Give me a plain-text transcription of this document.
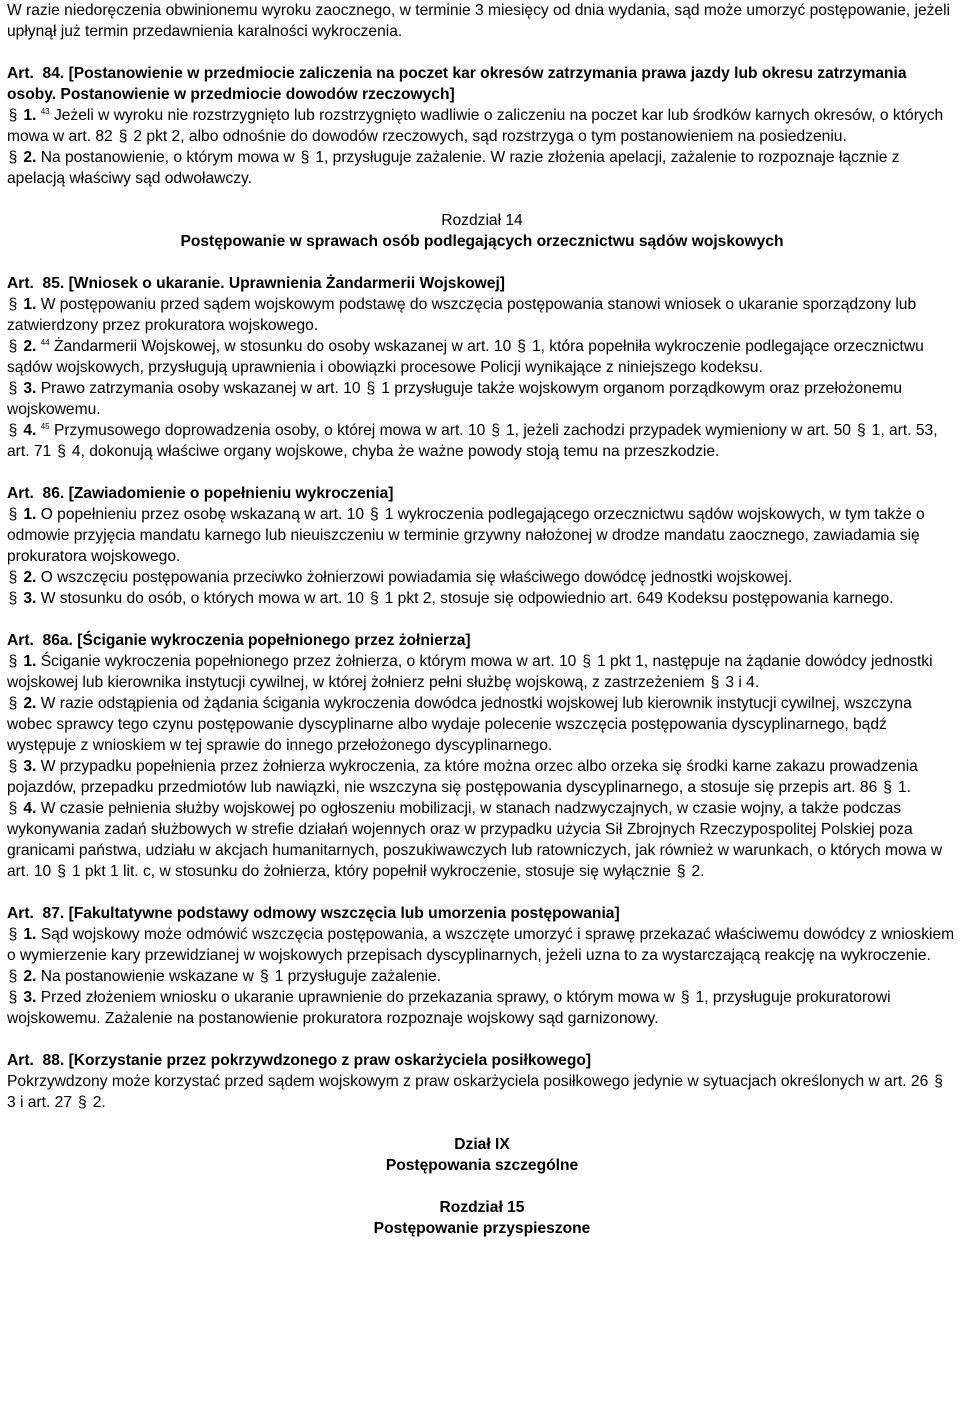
W razie niedoręczenia obwinionemu wyroku zaocznego, w terminie 3 miesięcy od dnia wydania, sąd może umorzyć postępowanie, jeżeli upłynął już termin przedawnienia karalności wykroczenia.

Art. 84. [Postanowienie w przedmiocie zaliczenia na poczet kar okresów zatrzymania prawa jazdy lub okresu zatrzymania osoby. Postanowienie w przedmiocie dowodów rzeczowych]

§ 1. $^{43}$ Jeżeli w wyroku nie rozstrzygnięto lub rozstrzygnięto wadliwie o zaliczeniu na poczet kar lub środków karnych okresów, o których mowa w art. 82 § 2 pkt 2, albo odnośnie do dowodów rzeczowych, sąd rozstrzyga o tym postanowieniem na posiedzeniu.

§ 2. Na postanowienie, o którym mowa w § 1, przysługuje zażalenie. W razie złożenia apelacji, zażalenie to rozpoznaje łącznie z apelacją właściwy sąd odwoławczy.

Rozdział 14

Postępowanie w sprawach osób podlegających orzecznictwu sądów wojskowych

Art. 85. [Wniosek o ukaranie. Uprawnienia Żandarmerii Wojskowej]

§ 1. W postępowaniu przed sądem wojskowym podstawę do wszczęcia postępowania stanowi wniosek o ukaranie sporządzony lub zatwierdzony przez prokuratora wojskowego.

§ 2. $^{44}$ Żandarmerii Wojskowej, w stosunku do osoby wskazanej w art. 10 § 1, która popełniła wykroczenie podlegające orzecznictwu sądów wojskowych, przysługują uprawnienia i obowiązki procesowe Policji wynikające z niniejszego kodeksu.

§ 3. Prawo zatrzymania osoby wskazanej w art. 10 § 1 przysługuje także wojskowym organom porządkowym oraz przełożonemu wojskowemu.

§ 4. $^{45}$ Przymusowego doprowadzenia osoby, o której mowa w art. 10 § 1, jeżeli zachodzi przypadek wymieniony w art. 50 § 1, art. 53, art. 71 § 4, dokonują właściwe organy wojskowe, chyba że ważne powody stoją temu na przeszkodzie.

Art. 86. [Zawiadomienie o popełnieniu wykroczenia]

§ 1. O popełnieniu przez osobę wskazaną w art. 10 § 1 wykroczenia podlegającego orzecznictwu sądów wojskowych, w tym także o odmowie przyjęcia mandatu karnego lub nieuiszczeniu w terminie grzywny nałożonej w drodze mandatu zaocznego, zawiadamia się prokuratora wojskowego.

§ 2. O wszczęciu postępowania przeciwko żołnierzowi powiadamia się właściwego dowódcę jednostki wojskowej.

§ 3. W stosunku do osób, o których mowa w art. 10 § 1 pkt 2, stosuje się odpowiednio art. 649 Kodeksu postępowania karnego.

Art. 86a. [Ściganie wykroczenia popełnionego przez żołnierza]

§ 1. Ściganie wykroczenia popełnionego przez żołnierza, o którym mowa w art. 10 § 1 pkt 1, następuje na żądanie dowódcy jednostki wojskowej lub kierownika instytucji cywilnej, w której żołnierz pełni służbę wojskową, z zastrzeżeniem § 3 i 4.

§ 2. W razie odstąpienia od żądania ścigania wykroczenia dowódca jednostki wojskowej lub kierownik instytucji cywilnej, wszczyna wobec sprawcy tego czynu postępowanie dyscyplinarne albo wydaje polecenie wszczęcia postępowania dyscyplinarnego, bądź występuje z wnioskiem w tej sprawie do innego przełożonego dyscyplinarnego.

§ 3. W przypadku popełnienia przez żołnierza wykroczenia, za które można orzec albo orzeka się środki karne zakazu prowadzenia pojazdów, przepadku przedmiotów lub nawiązki, nie wszczyna się postępowania dyscyplinarnego, a stosuje się przepis art. 86 § 1.

§ 4. W czasie pełnienia służby wojskowej po ogłoszeniu mobilizacji, w stanach nadzwyczajnych, w czasie wojny, a także podczas wykonywania zadań służbowych w strefie działań wojennych oraz w przypadku użycia Sił Zbrojnych Rzeczypospolitej Polskiej poza granicami państwa, udziału w akcjach humanitarnych, poszukiwawczych lub ratowniczych, jak również w warunkach, o których mowa w art. 10 § 1 pkt 1 lit. c, w stosunku do żołnierza, który popełnił wykroczenie, stosuje się wyłącznie § 2.

Art. 87. [Fakultatywne podstawy odmowy wszczęcia lub umorzenia postępowania]

§ 1. Sąd wojskowy może odmówić wszczęcia postępowania, a wszczęte umorzyć i sprawę przekazać właściwemu dowódcy z wnioskiem o wymierzenie kary przewidzianej w wojskowych przepisach dyscyplinarnych, jeżeli uzna to za wystarczającą reakcję na wykroczenie.

§ 2. Na postanowienie wskazane w § 1 przysługuje zażalenie.

§ 3. Przed złożeniem wniosku o ukaranie uprawnienie do przekazania sprawy, o którym mowa w § 1, przysługuje prokuratorowi wojskowemu. Zażalenie na postanowienie prokuratora rozpoznaje wojskowy sąd garnizonowy.

Art. 88. [Korzystanie przez pokrzywdzonego z praw oskarżyciela posiłkowego]

Pokrzywdzony może korzystać przed sądem wojskowym z praw oskarżyciela posiłkowego jedynie w sytuacjach określonych w art. 26 § 3 i art. 27 § 2.

Dział IX

Postępowania szczególne

Rozdział 15

Postępowanie przyspieszone
